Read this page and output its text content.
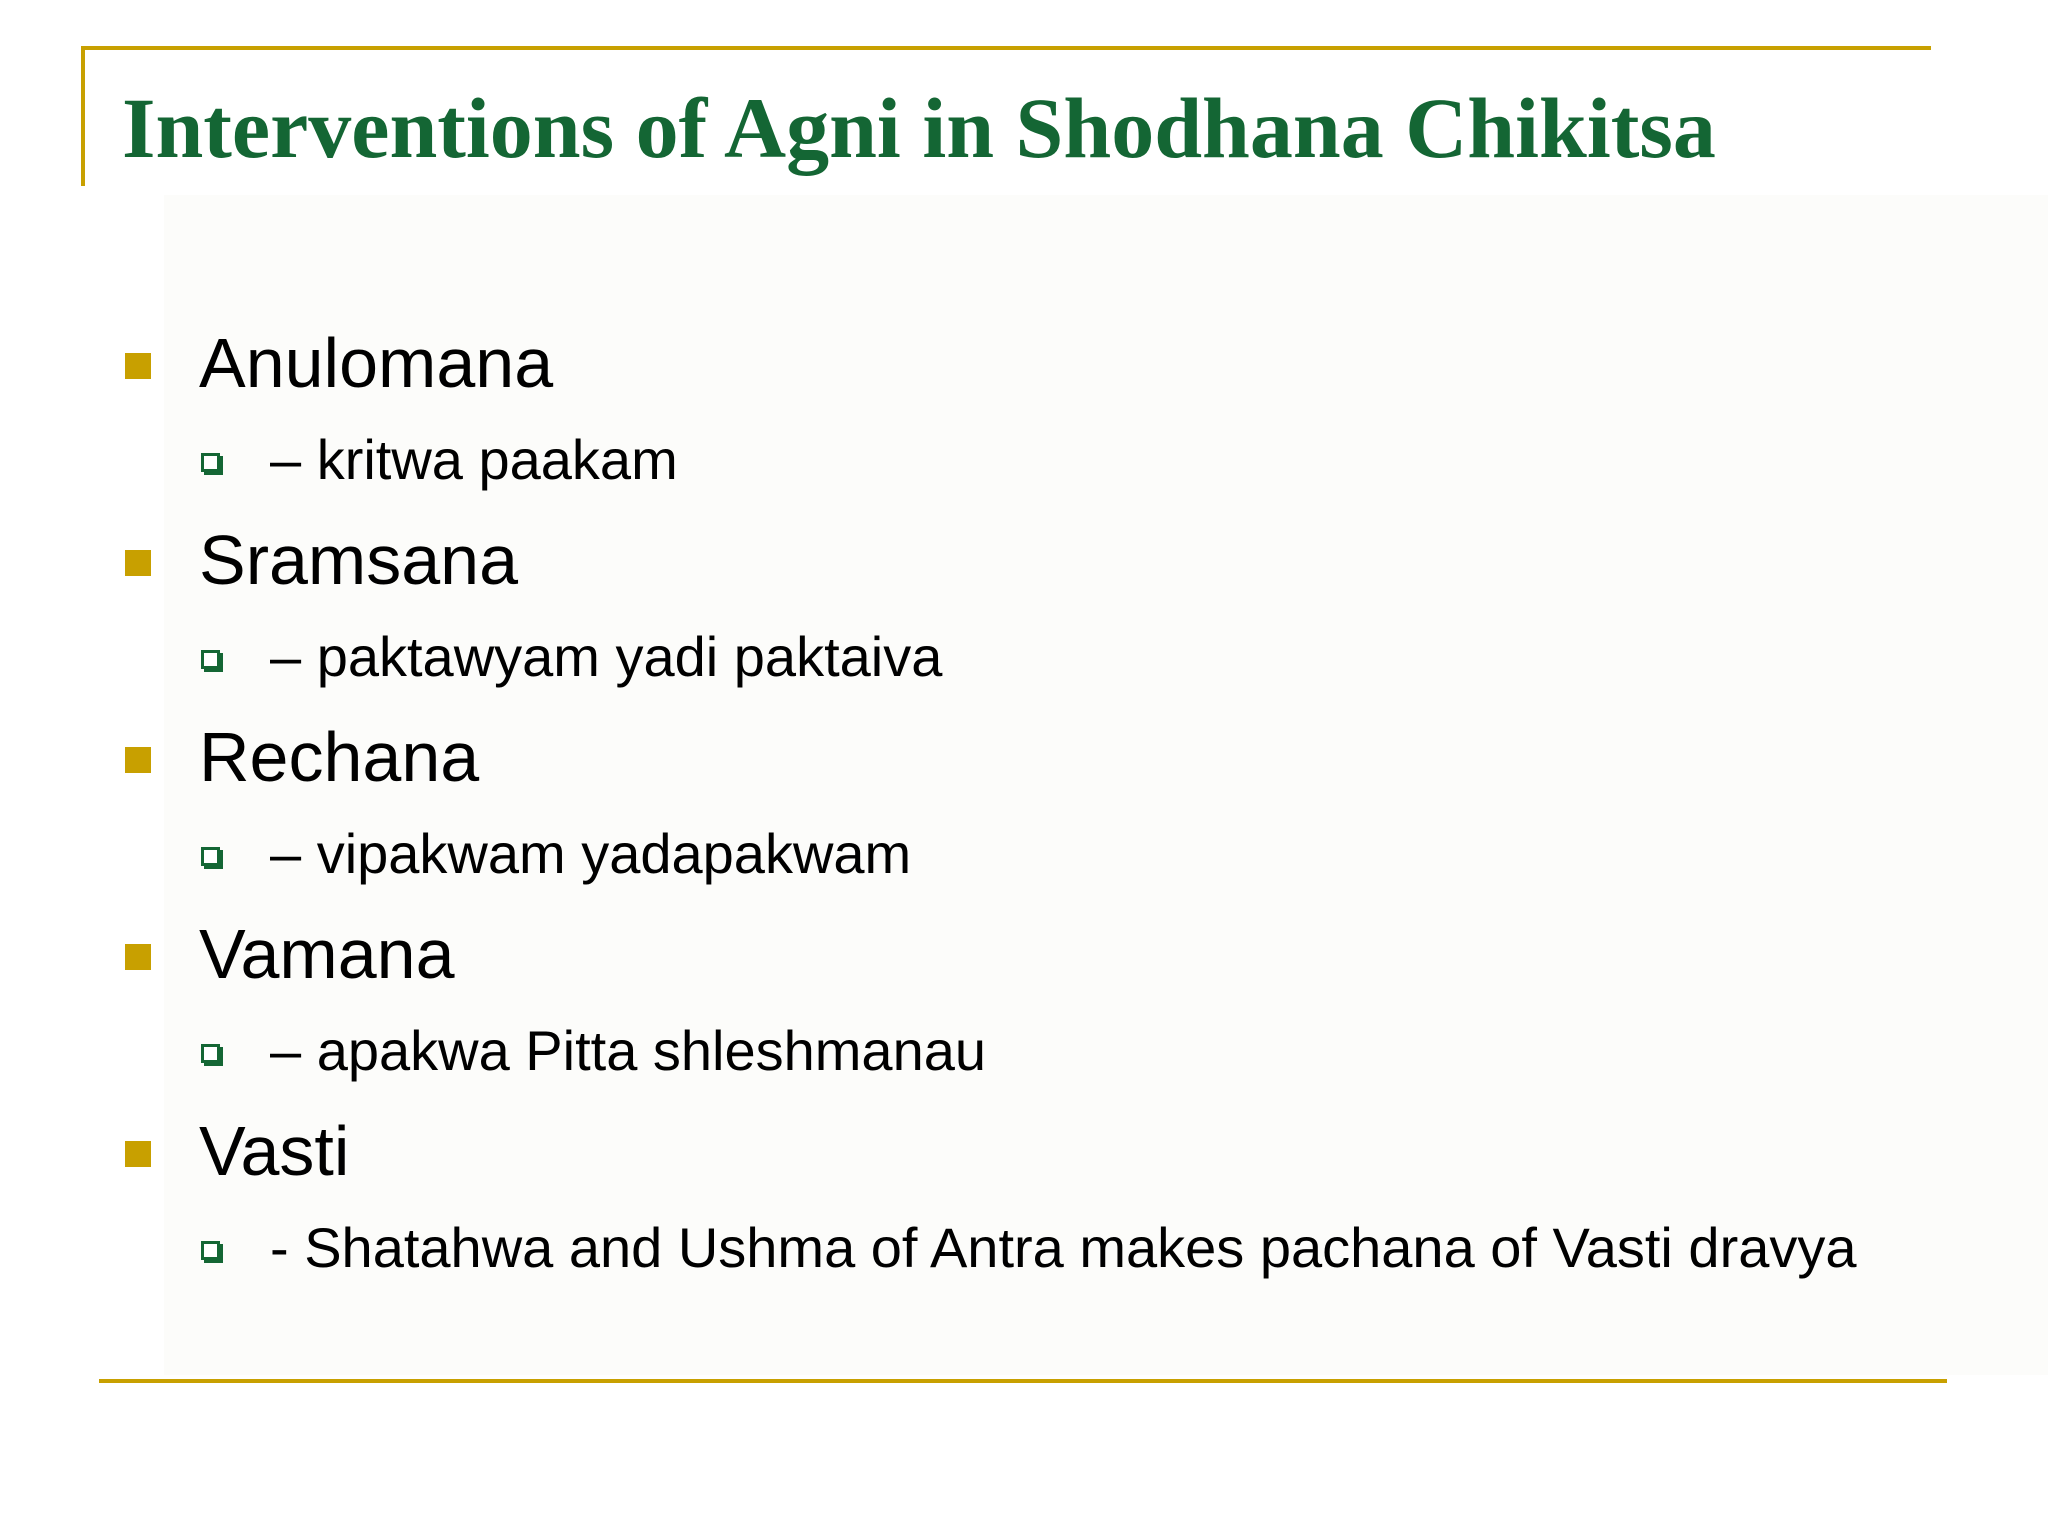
Interventions of Agni in Shodhana Chikitsa
Anulomana
– kritwa paakam
Sramsana
– paktawyam yadi paktaiva
Rechana
– vipakwam yadapakwam
Vamana
– apakwa Pitta shleshmanau
Vasti
- Shatahwa and Ushma of Antra makes pachana of Vasti dravya
